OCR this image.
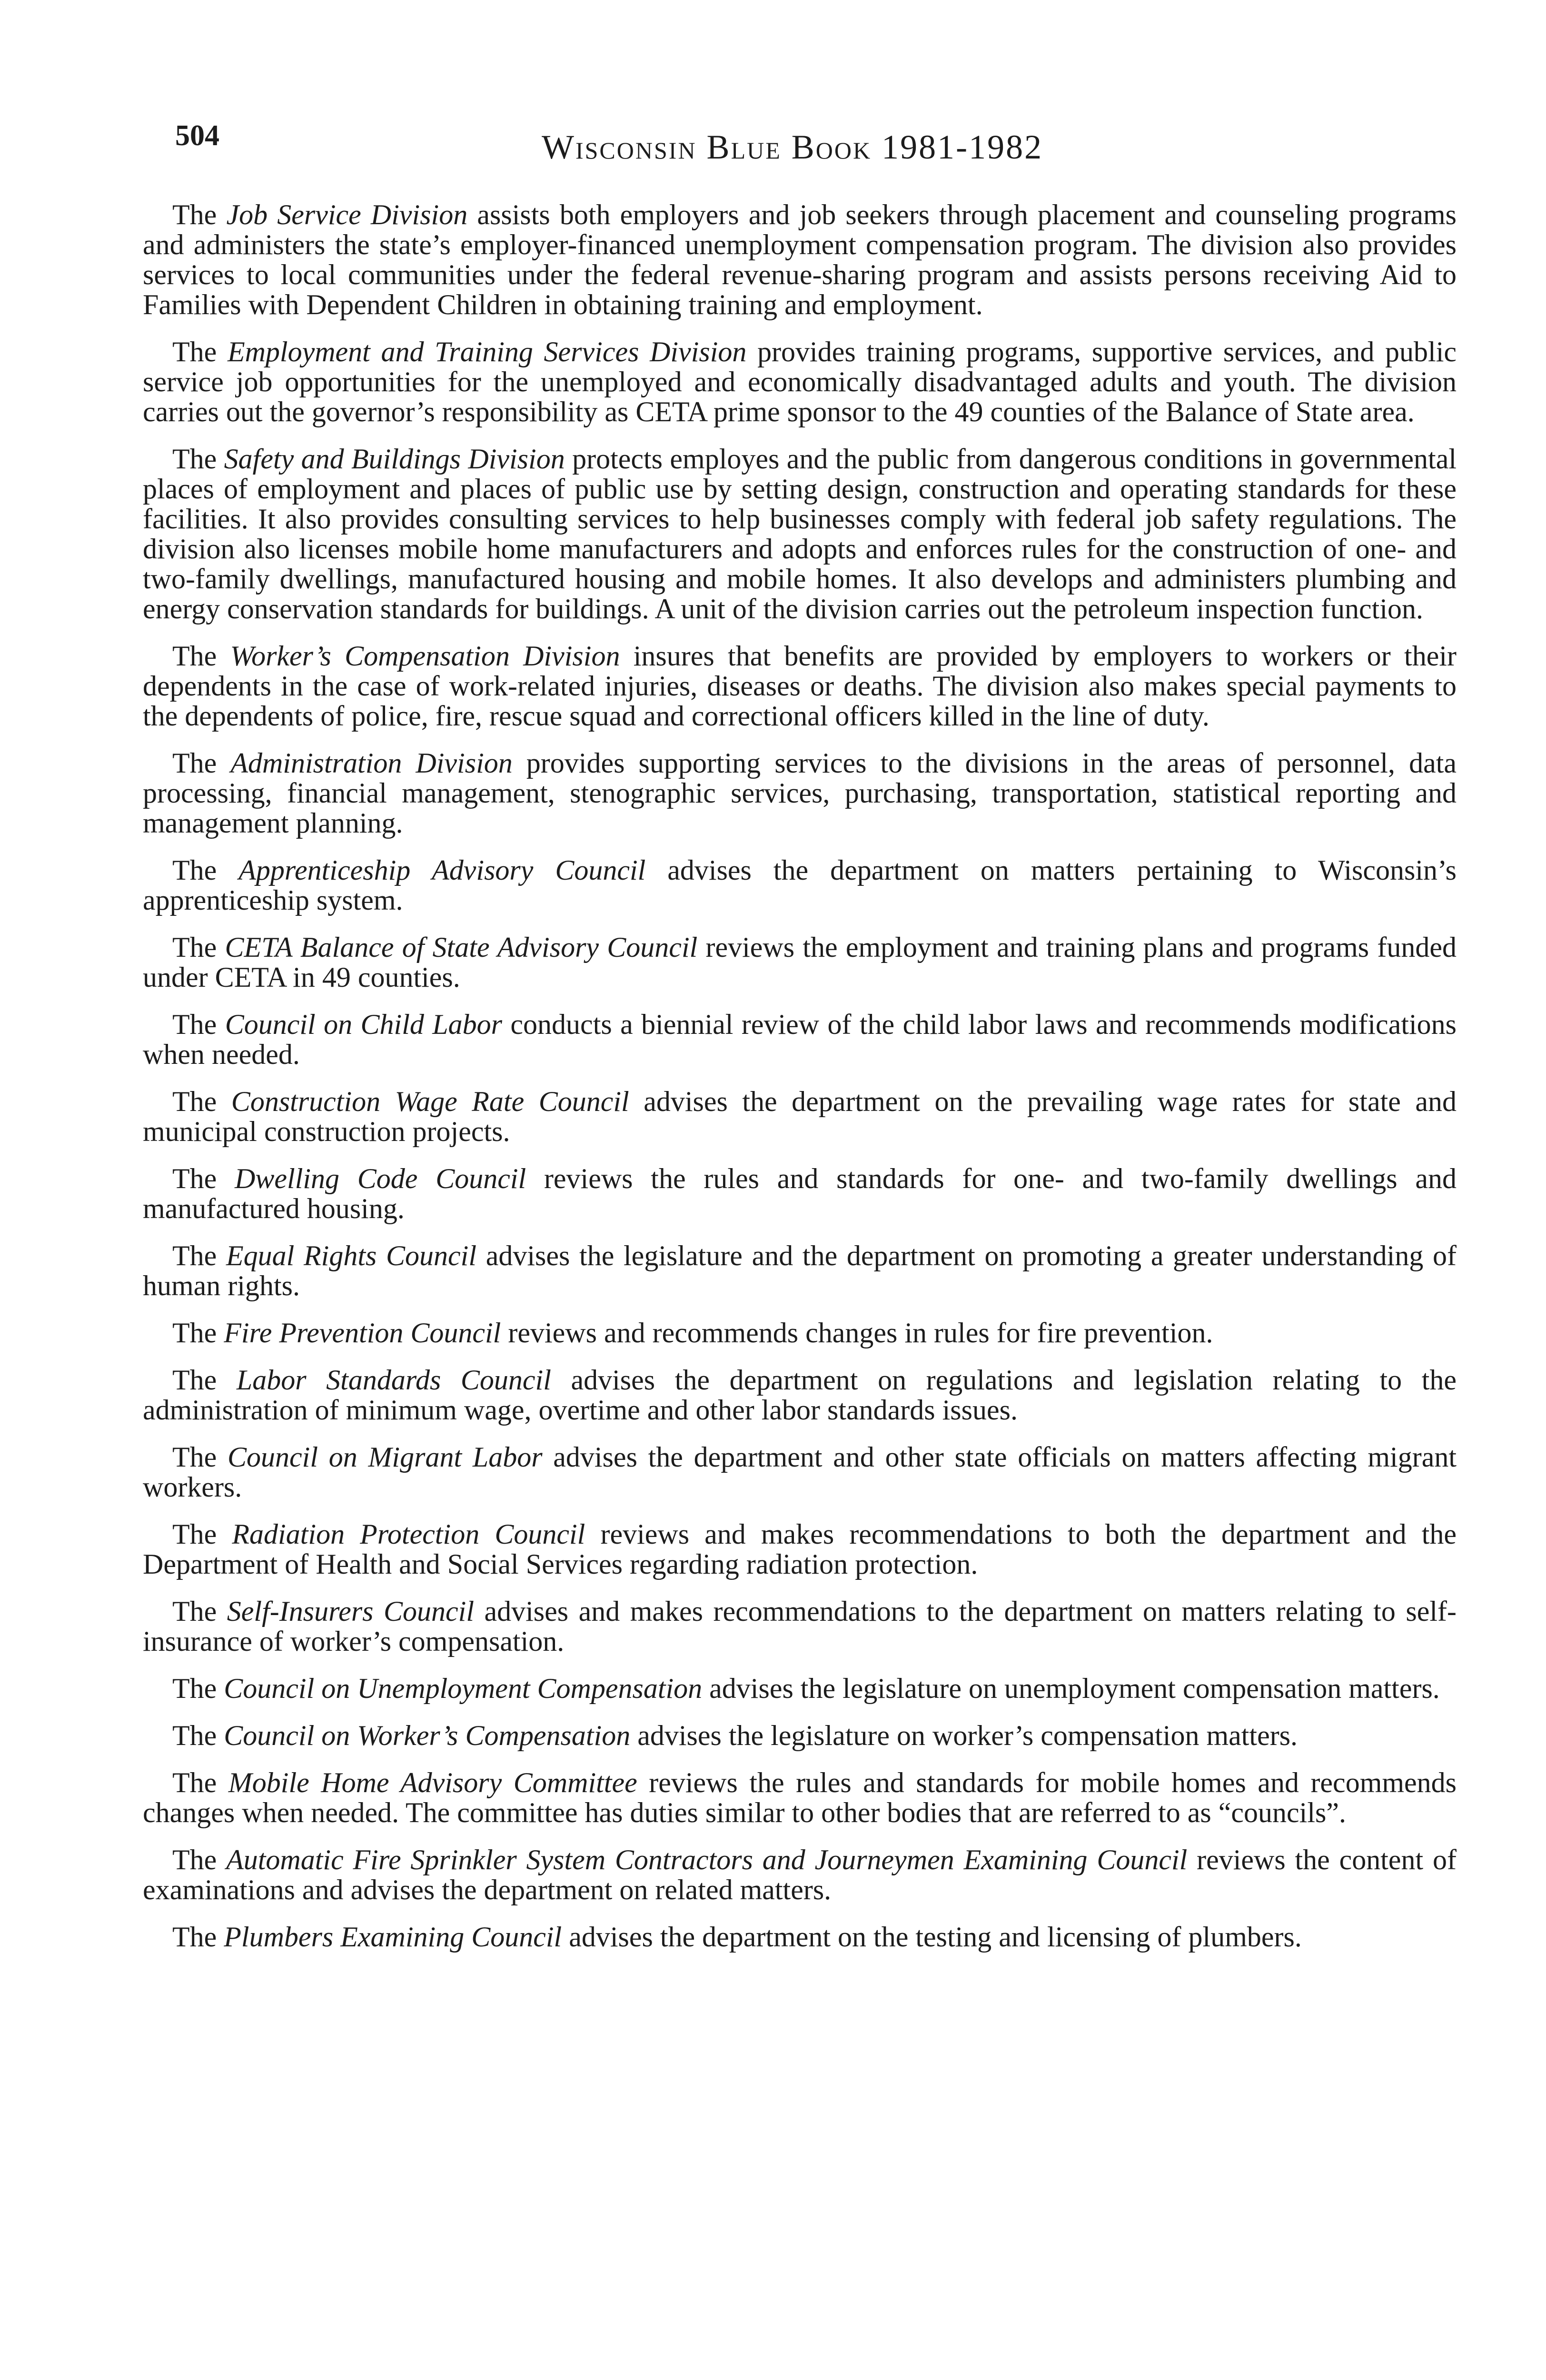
504	Wisconsin Blue Book 1981-1982

The Job Service Division assists both employers and job seekers through placement and counseling programs and administers the state’s employer-financed unemployment compensation program. The division also provides services to local communities under the federal revenue-sharing program and assists persons receiving Aid to Families with Dependent Children in obtaining training and employment.

The Employment and Training Services Division provides training programs, supportive services, and public service job opportunities for the unemployed and economically disadvantaged adults and youth. The division carries out the governor’s responsibility as CETA prime sponsor to the 49 counties of the Balance of State area.

The Safety and Buildings Division protects employes and the public from dangerous conditions in governmental places of employment and places of public use by setting design, construction and operating standards for these facilities. It also provides consulting services to help businesses comply with federal job safety regulations. The division also licenses mobile home manufacturers and adopts and enforces rules for the construction of one- and two-family dwellings, manufactured housing and mobile homes. It also develops and administers plumbing and energy conservation standards for buildings. A unit of the division carries out the petroleum inspection function.

The Worker’s Compensation Division insures that benefits are provided by employers to workers or their dependents in the case of work-related injuries, diseases or deaths. The division also makes special payments to the dependents of police, fire, rescue squad and correctional officers killed in the line of duty.

The Administration Division provides supporting services to the divisions in the areas of personnel, data processing, financial management, stenographic services, purchasing, transportation, statistical reporting and management planning.

The Apprenticeship Advisory Council advises the department on matters pertaining to Wisconsin’s apprenticeship system.

The CETA Balance of State Advisory Council reviews the employment and training plans and programs funded under CETA in 49 counties.

The Council on Child Labor conducts a biennial review of the child labor laws and recommends modifications when needed.

The Construction Wage Rate Council advises the department on the prevailing wage rates for state and municipal construction projects.

The Dwelling Code Council reviews the rules and standards for one- and two-family dwellings and manufactured housing.

The Equal Rights Council advises the legislature and the department on promoting a greater understanding of human rights.

The Fire Prevention Council reviews and recommends changes in rules for fire prevention.

The Labor Standards Council advises the department on regulations and legislation relating to the administration of minimum wage, overtime and other labor standards issues.

The Council on Migrant Labor advises the department and other state officials on matters affecting migrant workers.

The Radiation Protection Council reviews and makes recommendations to both the department and the Department of Health and Social Services regarding radiation protection.

The Self-Insurers Council advises and makes recommendations to the department on matters relating to self-insurance of worker’s compensation.

The Council on Unemployment Compensation advises the legislature on unemployment compensation matters.

The Council on Worker’s Compensation advises the legislature on worker’s compensation matters.

The Mobile Home Advisory Committee reviews the rules and standards for mobile homes and recommends changes when needed. The committee has duties similar to other bodies that are referred to as “councils”.

The Automatic Fire Sprinkler System Contractors and Journeymen Examining Council reviews the content of examinations and advises the department on related matters.

The Plumbers Examining Council advises the department on the testing and licensing of plumbers.
